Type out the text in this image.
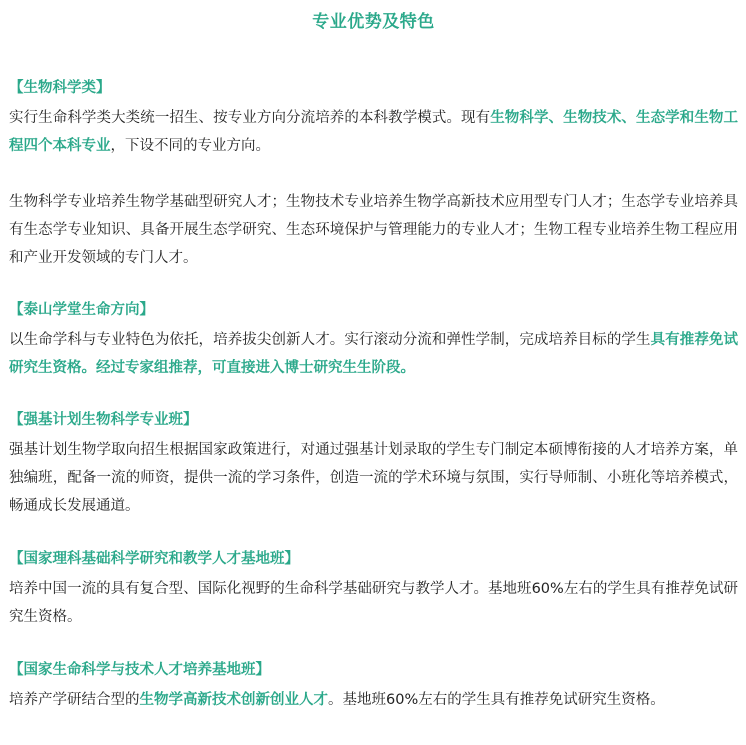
专业优势及特色

【生物科学类】

实行生命科学类大类统一招生、按专业方向分流培养的本科教学模式。现有生物科学、生物技术、生态学和生物工程四个本科专业，下设不同的专业方向。

生物科学专业培养生物学基础型研究人才；生物技术专业培养生物学高新技术应用型专门人才；生态学专业培养具有生态学专业知识、具备开展生态学研究、生态环境保护与管理能力的专业人才；生物工程专业培养生物工程应用和产业开发领域的专门人才。

【泰山学堂生命方向】

以生命学科与专业特色为依托，培养拔尖创新人才。实行滚动分流和弹性学制，完成培养目标的学生具有推荐免试研究生资格。经过专家组推荐，可直接进入博士研究生生阶段。

【强基计划生物科学专业班】

强基计划生物学取向招生根据国家政策进行，对通过强基计划录取的学生专门制定本硕博衔接的人才培养方案，单独编班，配备一流的师资，提供一流的学习条件，创造一流的学术环境与氛围，实行导师制、小班化等培养模式，畅通成长发展通道。

【国家理科基础科学研究和教学人才基地班】

培养中国一流的具有复合型、国际化视野的生命科学基础研究与教学人才。基地班60%左右的学生具有推荐免试研究生资格。

【国家生命科学与技术人才培养基地班】

培养产学研结合型的生物学高新技术创新创业人才。基地班60%左右的学生具有推荐免试研究生资格。
